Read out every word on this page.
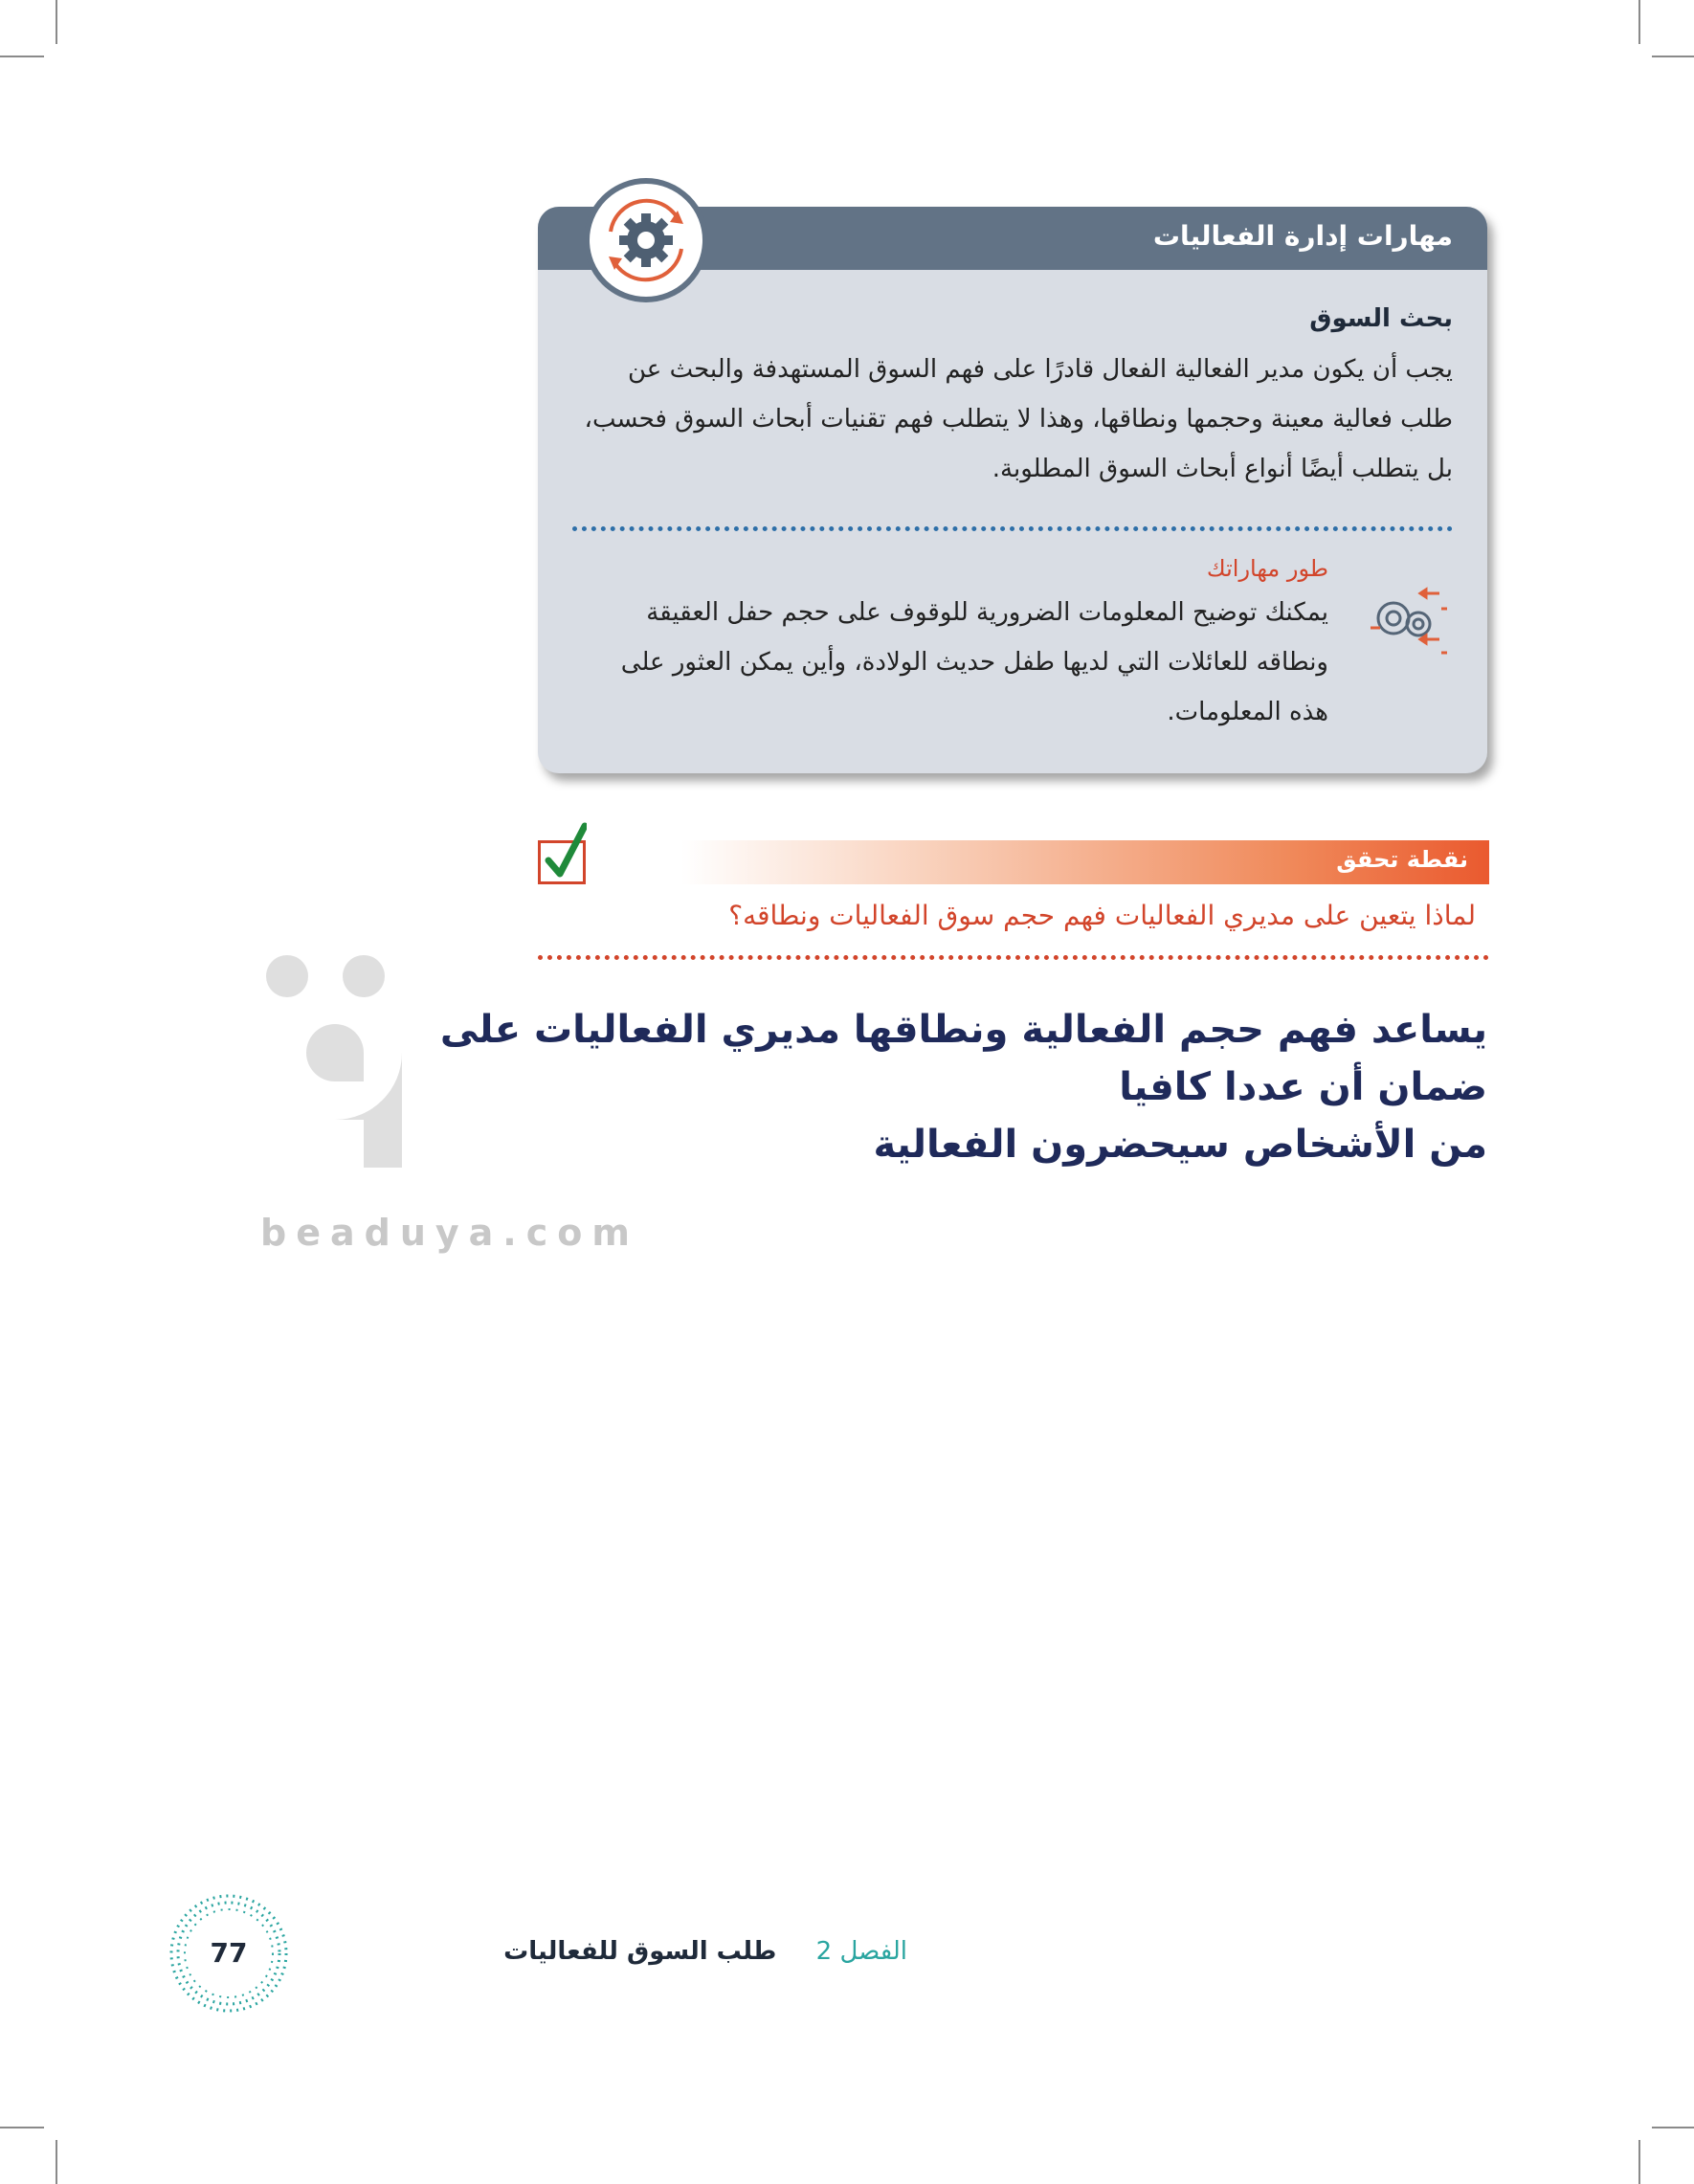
beaduya.com
مهارات إدارة الفعاليات
بحث السوق
يجب أن يكون مدير الفعالية الفعال قادرًا على فهم السوق المستهدفة والبحث عن
طلب فعالية معينة وحجمها ونطاقها، وهذا لا يتطلب فهم تقنيات أبحاث السوق فحسب،
بل يتطلب أيضًا أنواع أبحاث السوق المطلوبة.
طور مهاراتك
يمكنك توضيح المعلومات الضرورية للوقوف على حجم حفل العقيقة
ونطاقه للعائلات التي لديها طفل حديث الولادة، وأين يمكن العثور على
هذه المعلومات.
نقطة تحقق
لماذا يتعين على مديري الفعاليات فهم حجم سوق الفعاليات ونطاقه؟
يساعد فهم حجم الفعالية ونطاقها مديري الفعاليات على ضمان أن عددا كافيا
من الأشخاص سيحضرون الفعالية
77	الفصل 2     طلب السوق للفعاليات
